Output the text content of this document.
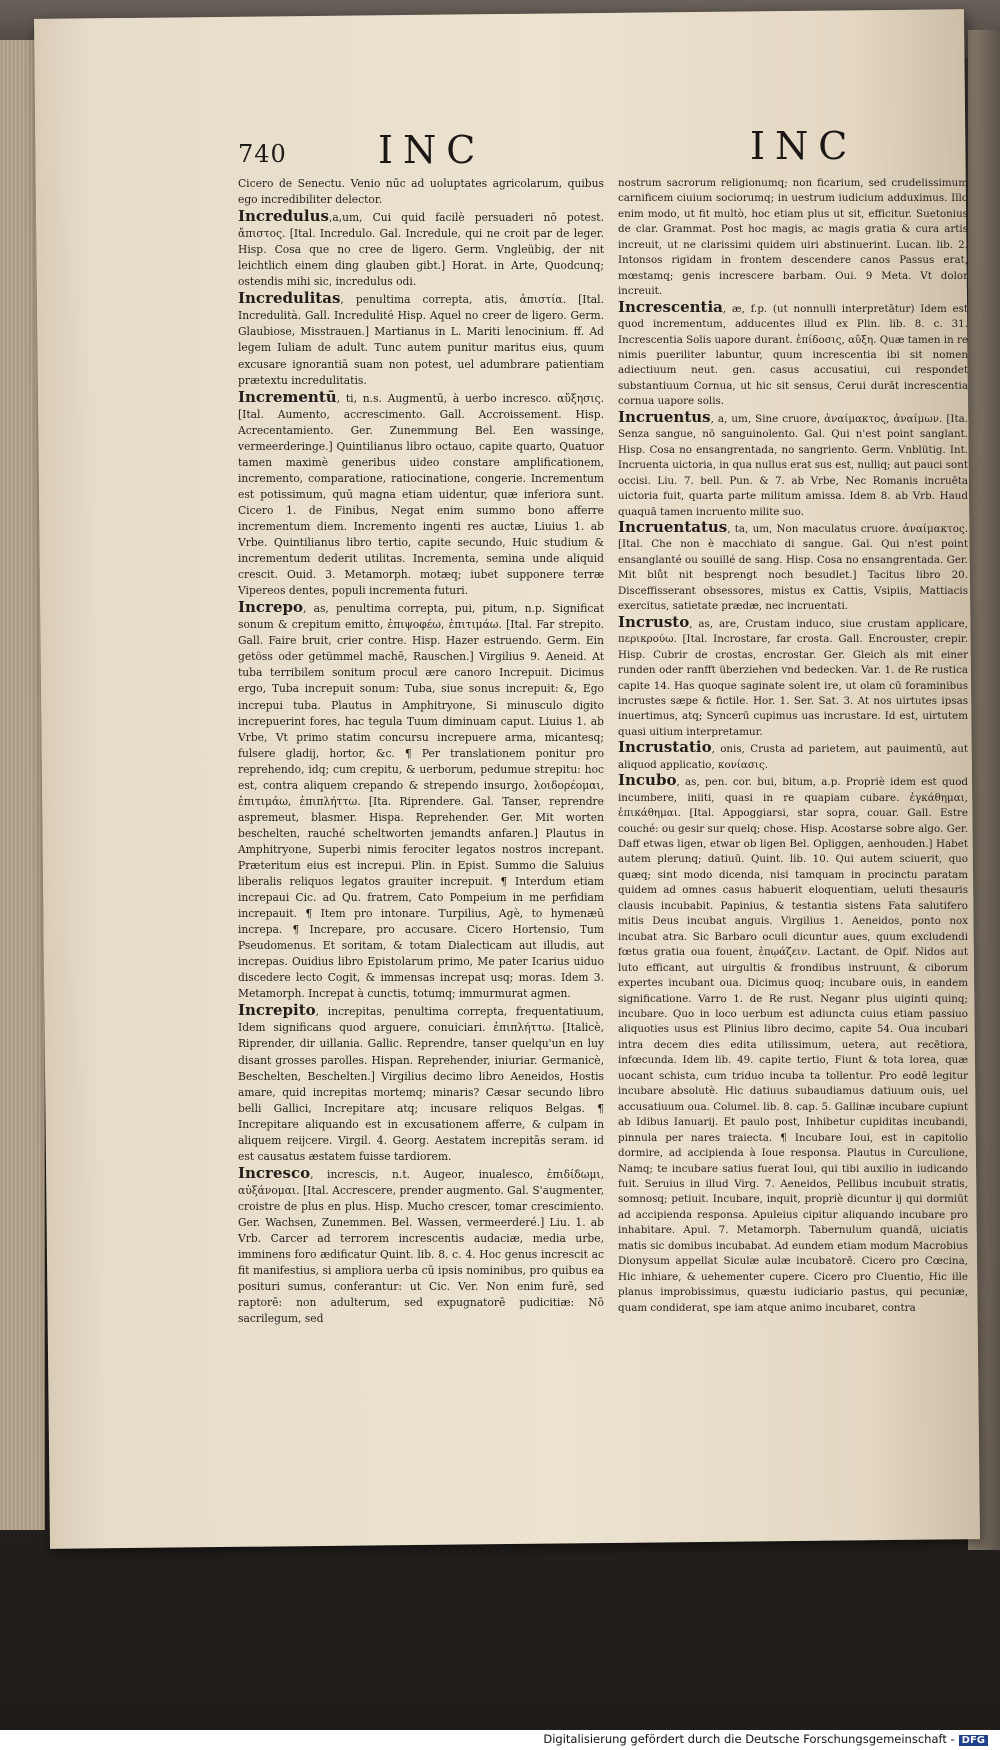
740 INC	INC

Cicero de Senectu. Venio nūc ad uoluptates agricolarum, quibus ego incredibiliter delector.

Incredulus,a,um, Cui quid facilè persuaderi nō potest. ἄπιστος. [Ital. Incredulo. Gal. Incredule, qui ne croit par de leger. Hisp. Cosa que no cree de ligero. Germ. Vngleübig, der nit leichtlich einem ding glauben gibt.] Horat. in Arte, Quodcunq; ostendis mihi sic, incredulus odi.

Incredulitas, penultima correpta, atis, ἀπιστία. [Ital. Incredulità. Gall. Incredulité Hisp. Aquel no creer de ligero. Germ. Glaubiose, Misstrauen.] Martianus in L. Mariti lenocinium. ff. Ad legem Iuliam de adult. Tunc autem punitur maritus eius, quum excusare ignorantiā suam non potest, uel adumbrare patientiam prætextu incredulitatis.

Incrementū, ti, n.s. Augmentū, à uerbo incresco. αὔξησις. [Ital. Aumento, accrescimento. Gall. Accroissement. Hisp. Acrecentamiento. Ger. Zunemmung Bel. Een wassinge, vermeerderinge.] Quintilianus libro octauo, capite quarto, Quatuor tamen maximè generibus uideo constare amplificationem, incremento, comparatione, ratiocinatione, congerie. Incrementum est potissimum, quū magna etiam uidentur, quæ inferiora sunt. Cicero 1. de Finibus, Negat enim summo bono afferre incrementum diem. Incremento ingenti res auctæ, Liuius 1. ab Vrbe. Quintilianus libro tertio, capite secundo, Huic studium & incrementum dederit utilitas. Incrementa, semina unde aliquid crescit. Ouid. 3. Metamorph. motæq; iubet supponere terræ Vipereos dentes, populi incrementa futuri.

Increpo, as, penultima correpta, pui, pitum, n.p. Significat sonum & crepitum emitto, ἐπιψοφέω, ἐπιτιμάω. [Ital. Far strepito. Gall. Faire bruit, crier contre. Hisp. Hazer estruendo. Germ. Ein getöss oder getümmel machē, Rauschen.] Virgilius 9. Aeneid. At tuba terribilem sonitum procul ære canoro Increpuit. Dicimus ergo, Tuba increpuit sonum: Tuba, siue sonus increpuit: &, Ego increpui tuba. Plautus in Amphitryone, Si minusculo digito increpuerint fores, hac tegula Tuum diminuam caput. Liuius 1. ab Vrbe, Vt primo statim concursu increpuere arma, micantesq; fulsere gladij, hortor, &c. ¶ Per translationem ponitur pro reprehendo, idq; cum crepitu, & uerborum, pedumue strepitu: hoc est, contra aliquem crepando & strependo insurgo, λοιδορέομαι, ἐπιτιμάω, ἐπιπλήττω. [Ita. Riprendere. Gal. Tanser, reprendre aspremeut, blasmer. Hispa. Reprehender. Ger. Mit worten beschelten, rauché scheltworten jemandts anfaren.] Plautus in Amphitryone, Superbi nimis ferociter legatos nostros increpant. Præteritum eius est increpui. Plin. in Epist. Summo die Saluius liberalis reliquos legatos grauiter increpuit. ¶ Interdum etiam increpaui Cic. ad Qu. fratrem, Cato Pompeium in me perfidiam increpauit. ¶ Item pro intonare. Turpilius, Agè, to hymenæū increpa. ¶ Increpare, pro accusare. Cicero Hortensio, Tum Pseudomenus. Et soritam, & totam Dialecticam aut illudis, aut increpas. Ouidius libro Epistolarum primo, Me pater Icarius uiduo discedere lecto Cogit, & immensas increpat usq; moras. Idem 3. Metamorph. Increpat à cunctis, totumq; immurmurat agmen.

Increpito, increpitas, penultima correpta, frequentatiuum, Idem significans quod arguere, conuiciari. ἐπιπλήττω. [Italicè, Riprender, dir uillania. Gallic. Reprendre, tanser quelqu'un en luy disant grosses parolles. Hispan. Reprehender, iniuriar. Germanicè, Beschelten, Beschelten.] Virgilius decimo libro Aeneidos, Hostis amare, quid increpitas mortemq; minaris? Cæsar secundo libro belli Gallici, Increpitare atq; incusare reliquos Belgas. ¶ Increpitare aliquando est in excusationem afferre, & culpam in aliquem reijcere. Virgil. 4. Georg. Aestatem increpitās seram. id est causatus æstatem fuisse tardiorem.

Incresco, increscis, n.t. Augeor, inualesco, ἐπιδίδωμι, αὐξάνομαι. [Ital. Accrescere, prender augmento. Gal. S'augmenter, croistre de plus en plus. Hisp. Mucho crescer, tomar crescimiento. Ger. Wachsen, Zunemmen. Bel. Wassen, vermeerderé.] Liu. 1. ab Vrb. Carcer ad terrorem increscentis audaciæ, media urbe, imminens foro ædificatur Quint. lib. 8. c. 4. Hoc genus increscit ac fit manifestius, si ampliora uerba cū ipsis nominibus, pro quibus ea posituri sumus, conferantur: ut Cic. Ver. Non enim furē, sed raptorē: non adulterum, sed expugnatorē pudicitiæ: Nō sacrilegum, sed

nostrum sacrorum religionumq; non ficarium, sed crudelissimum carnificem ciuium sociorumq; in uestrum iudicium adduximus. Illo enim modo, ut fit multò, hoc etiam plus ut sit, efficitur. Suetonius de clar. Grammat. Post hoc magis, ac magis gratia & cura artis increuit, ut ne clarissimi quidem uiri abstinuerint. Lucan. lib. 2. Intonsos rigidam in frontem descendere canos Passus erat, mœstamq; genis increscere barbam. Oui. 9 Meta. Vt dolor increuit.

Increscentia, æ, f.p. (ut nonnulli interpretātur) Idem est quod incrementum, adducentes illud ex Plin. lib. 8. c. 31. Increscentia Solis uapore durant. ἐπίδοσις, αὔξη. Quæ tamen in re nimis pueriliter labuntur, quum increscentia ibi sit nomen adiectiuum neut. gen. casus accusatiui, cui respondet substantiuum Cornua, ut hic sit sensus, Cerui durāt increscentia cornua uapore solis.

Incruentus, a, um, Sine cruore, ἀναίμακτος, ἀναίμων. [Ita. Senza sangue, nō sanguinolento. Gal. Qui n'est point sanglant. Hisp. Cosa no ensangrentada, no sangriento. Germ. Vnblütig. Int. Incruenta uictoria, in qua nullus erat sus est, nulliq; aut pauci sont occisi. Liu. 7. bell. Pun. & 7. ab Vrbe, Nec Romanis incruēta uictoria fuit, quarta parte militum amissa. Idem 8. ab Vrb. Haud quaquā tamen incruento milite suo.

Incruentatus, ta, um, Non maculatus cruore. ἀναίμακτος. [Ital. Che non è macchiato di sangue. Gal. Qui n'est point ensanglanté ou souillé de sang. Hisp. Cosa no ensangrentada. Ger. Mit blůt nit besprengt noch besudlet.] Tacitus libro 20. Disceffisserant obsessores, mistus ex Cattis, Vsipiis, Mattiacis exercitus, satietate prædæ, nec incruentati.

Incrusto, as, are, Crustam induco, siue crustam applicare, περικρούω. [Ital. Incrostare, far crosta. Gall. Encrouster, crepir. Hisp. Cubrir de crostas, encrostar. Ger. Gleich als mit einer runden oder ranfft überziehen vnd bedecken. Var. 1. de Re rustica capite 14. Has quoque saginate solent ire, ut olam cū foraminibus incrustes sæpe & fictile. Hor. 1. Ser. Sat. 3. At nos uirtutes ipsas inuertimus, atq; Syncerū cupimus uas incrustare. Id est, uirtutem quasi uitium interpretamur.

Incrustatio, onis, Crusta ad parietem, aut pauimentū, aut aliquod applicatio, κονίασις.

Incubo, as, pen. cor. bui, bitum, a.p. Propriè idem est quod incumbere, iniiti, quasi in re quapiam cubare. ἐγκάθημαι, ἐπικάθημαι. [Ital. Appoggiarsi, star sopra, couar. Gall. Estre couché: ou gesir sur quelq; chose. Hisp. Acostarse sobre algo. Ger. Daff etwas ligen, etwar ob ligen Bel. Opliggen, aenhouden.] Habet autem plerunq; datiuū. Quint. lib. 10. Qui autem sciuerit, quo quæq; sint modo dicenda, nisi tamquam in procinctu paratam quidem ad omnes casus habuerit eloquentiam, ueluti thesauris clausis incubabit. Papinius, & testantia sistens Fata salutifero mitis Deus incubat anguis. Virgilius 1. Aeneidos, ponto nox incubat atra. Sic Barbaro oculi dicuntur aues, quum excludendi fœtus gratia oua fouent, ἐπῳάζειν. Lactant. de Opif. Nidos aut luto efficant, aut uirgultis & frondibus instruunt, & ciborum expertes incubant oua. Dicimus quoq; incubare ouis, in eandem significatione. Varro 1. de Re rust. Neganr plus uiginti quinq; incubare. Quo in loco uerbum est adiuncta cuius etiam passiuo aliquoties usus est Plinius libro decimo, capite 54. Oua incubari intra decem dies edita utilissimum, uetera, aut recētiora, infœcunda. Idem lib. 49. capite tertio, Fiunt & tota lorea, quæ uocant schista, cum triduo incuba ta tollentur. Pro eodē legitur incubare absolutè. Hic datiuus subaudiamus datiuum ouis, uel accusatiuum oua. Columel. lib. 8. cap. 5. Gallinæ incubare cupiunt ab Idibus Ianuarij. Et paulo post, Inhibetur cupiditas incubandi, pinnula per nares traiecta. ¶ Incubare Ioui, est in capitolio dormire, ad accipienda à Ioue responsa. Plautus in Curculione, Namq; te incubare satius fuerat Ioui, qui tibi auxilio in iudicando fuit. Seruius in illud Virg. 7. Aeneidos, Pellibus incubuit stratis, somnosq; petiuit. Incubare, inquit, propriè dicuntur ij qui dormiūt ad accipienda responsa. Apuleius cipitur aliquando incubare pro inhabitare. Apul. 7. Metamorph. Tabernulum quandā, uiciatis matis sic domibus incubabat. Ad eundem etiam modum Macrobius Dionysum appellat Siculæ aulæ incubatorē. Cicero pro Cœcina, Hic inhiare, & uehementer cupere. Cicero pro Cluentio, Hic ille planus improbissimus, quæstu iudiciario pastus, qui pecuniæ, quam condiderat, spe iam atque animo incubaret, contra

Digitalisierung gefördert durch die Deutsche Forschungsgemeinschaft - DFG
